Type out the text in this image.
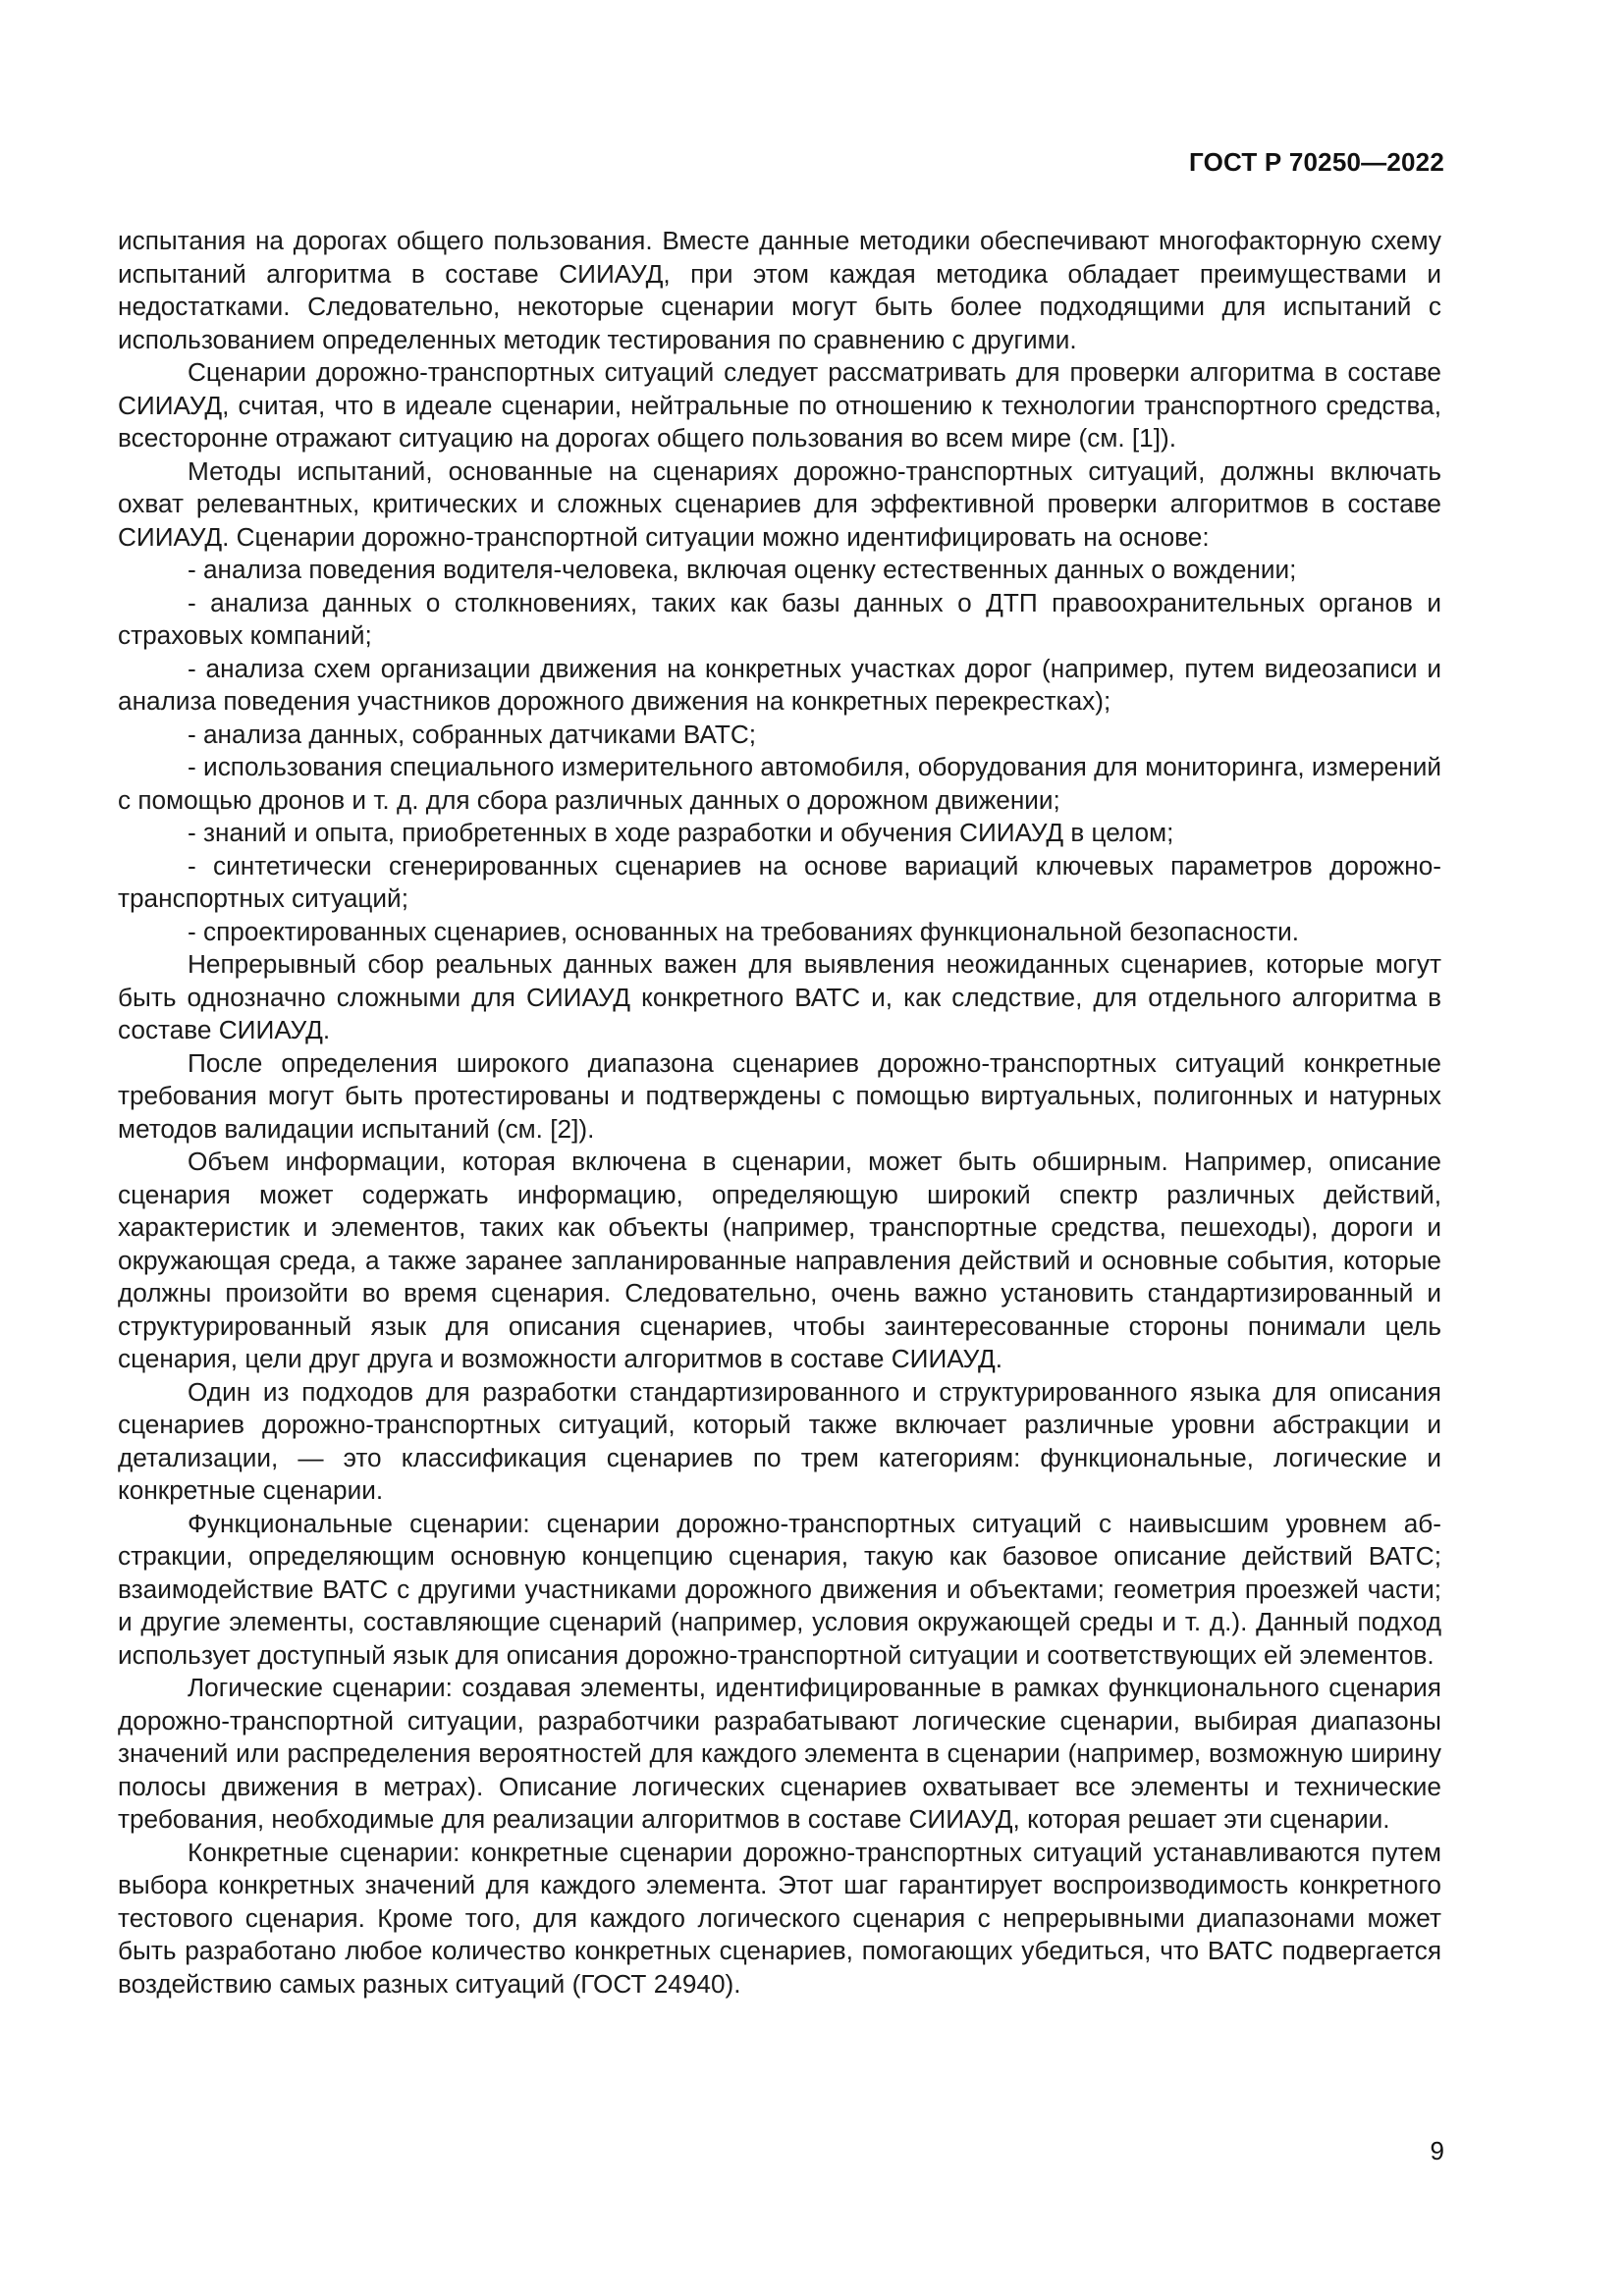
ГОСТ Р 70250—2022

испытания на дорогах общего пользования. Вместе данные методики обеспечивают многофакторную схему испытаний алгоритма в составе СИИАУД, при этом каждая методика обладает преимуществами и недостатками. Следовательно, некоторые сценарии могут быть более подходящими для испытаний с использованием определенных методик тестирования по сравнению с другими.

Сценарии дорожно-транспортных ситуаций следует рассматривать для проверки алгоритма в составе СИИАУД, считая, что в идеале сценарии, нейтральные по отношению к технологии транспортного средства, всесторонне отражают ситуацию на дорогах общего пользования во всем мире (см. [1]).

Методы испытаний, основанные на сценариях дорожно-транспортных ситуаций, должны включать охват релевантных, критических и сложных сценариев для эффективной проверки алгоритмов в составе СИИАУД. Сценарии дорожно-транспортной ситуации можно идентифицировать на основе:

- анализа поведения водителя-человека, включая оценку естественных данных о вождении;

- анализа данных о столкновениях, таких как базы данных о ДТП правоохранительных органов и страховых компаний;

- анализа схем организации движения на конкретных участках дорог (например, путем видеозаписи и анализа поведения участников дорожного движения на конкретных перекрестках);

- анализа данных, собранных датчиками ВАТС;

- использования специального измерительного автомобиля, оборудования для мониторинга, измерений с помощью дронов и т. д. для сбора различных данных о дорожном движении;

- знаний и опыта, приобретенных в ходе разработки и обучения СИИАУД в целом;

- синтетически сгенерированных сценариев на основе вариаций ключевых параметров дорожно-транспортных ситуаций;

- спроектированных сценариев, основанных на требованиях функциональной безопасности.

Непрерывный сбор реальных данных важен для выявления неожиданных сценариев, которые могут быть однозначно сложными для СИИАУД конкретного ВАТС и, как следствие, для отдельного алгоритма в составе СИИАУД.

После определения широкого диапазона сценариев дорожно-транспортных ситуаций конкретные требования могут быть протестированы и подтверждены с помощью виртуальных, полигонных и натурных методов валидации испытаний (см. [2]).

Объем информации, которая включена в сценарии, может быть обширным. Например, описание сценария может содержать информацию, определяющую широкий спектр различных действий, характеристик и элементов, таких как объекты (например, транспортные средства, пешеходы), дороги и окружающая среда, а также заранее запланированные направления действий и основные события, которые должны произойти во время сценария. Следовательно, очень важно установить стандартизированный и структурированный язык для описания сценариев, чтобы заинтересованные стороны понимали цель сценария, цели друг друга и возможности алгоритмов в составе СИИАУД.

Один из подходов для разработки стандартизированного и структурированного языка для описания сценариев дорожно-транспортных ситуаций, который также включает различные уровни абстракции и детализации, — это классификация сценариев по трем категориям: функциональные, логические и конкретные сценарии.

Функциональные сценарии: сценарии дорожно-транспортных ситуаций с наивысшим уровнем абстракции, определяющим основную концепцию сценария, такую как базовое описание действий ВАТС; взаимодействие ВАТС с другими участниками дорожного движения и объектами; геометрия проезжей части; и другие элементы, составляющие сценарий (например, условия окружающей среды и т. д.). Данный подход использует доступный язык для описания дорожно-транспортной ситуации и соответствующих ей элементов.

Логические сценарии: создавая элементы, идентифицированные в рамках функционального сценария дорожно-транспортной ситуации, разработчики разрабатывают логические сценарии, выбирая диапазоны значений или распределения вероятностей для каждого элемента в сценарии (например, возможную ширину полосы движения в метрах). Описание логических сценариев охватывает все элементы и технические требования, необходимые для реализации алгоритмов в составе СИИАУД, которая решает эти сценарии.

Конкретные сценарии: конкретные сценарии дорожно-транспортных ситуаций устанавливаются путем выбора конкретных значений для каждого элемента. Этот шаг гарантирует воспроизводимость конкретного тестового сценария. Кроме того, для каждого логического сценария с непрерывными диапазонами может быть разработано любое количество конкретных сценариев, помогающих убедиться, что ВАТС подвергается воздействию самых разных ситуаций (ГОСТ 24940).

9
